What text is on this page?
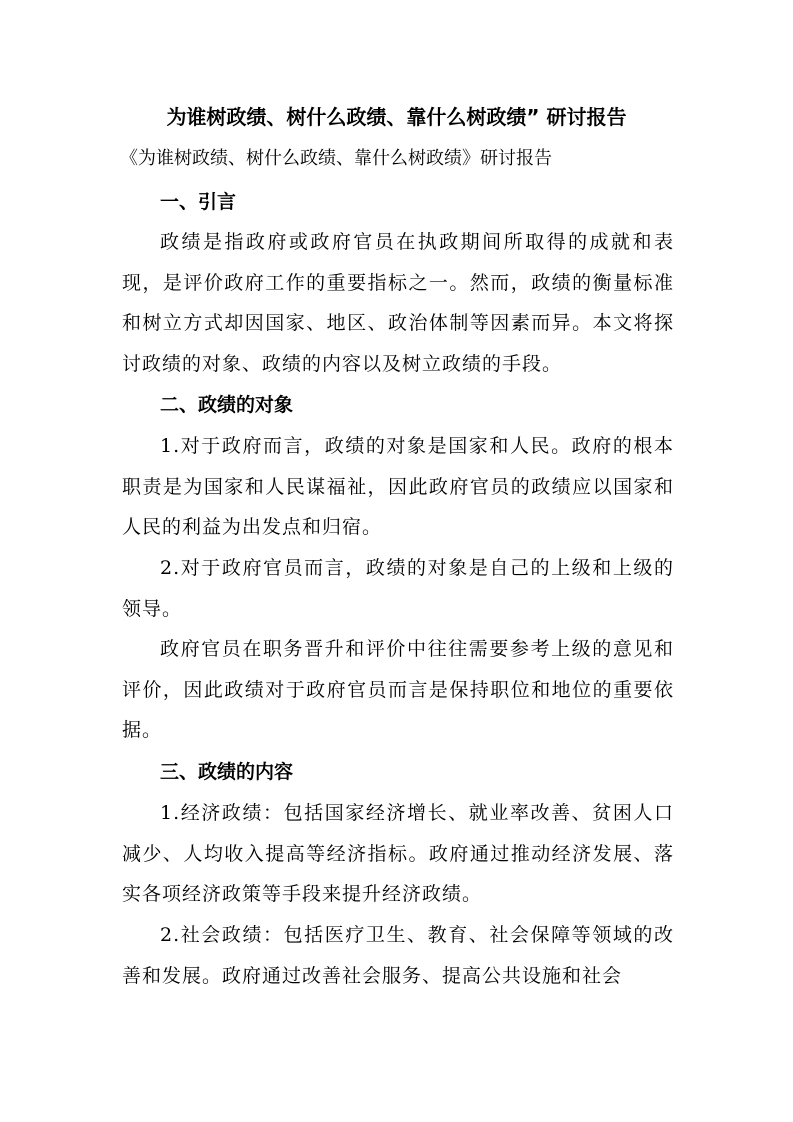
为谁树政绩、树什么政绩、靠什么树政绩” 研讨报告
《为谁树政绩、树什么政绩、靠什么树政绩》研讨报告
一、引言
政绩是指政府或政府官员在执政期间所取得的成就和表现，是评价政府工作的重要指标之一。然而，政绩的衡量标准和树立方式却因国家、地区、政治体制等因素而异。本文将探讨政绩的对象、政绩的内容以及树立政绩的手段。
二、政绩的对象
1.对于政府而言，政绩的对象是国家和人民。政府的根本职责是为国家和人民谋福祉，因此政府官员的政绩应以国家和人民的利益为出发点和归宿。
2.对于政府官员而言，政绩的对象是自己的上级和上级的领导。
政府官员在职务晋升和评价中往往需要参考上级的意见和评价，因此政绩对于政府官员而言是保持职位和地位的重要依据。
三、政绩的内容
1.经济政绩：包括国家经济增长、就业率改善、贫困人口减少、人均收入提高等经济指标。政府通过推动经济发展、落实各项经济政策等手段来提升经济政绩。
2.社会政绩：包括医疗卫生、教育、社会保障等领域的改善和发展。政府通过改善社会服务、提高公共设施和社会
